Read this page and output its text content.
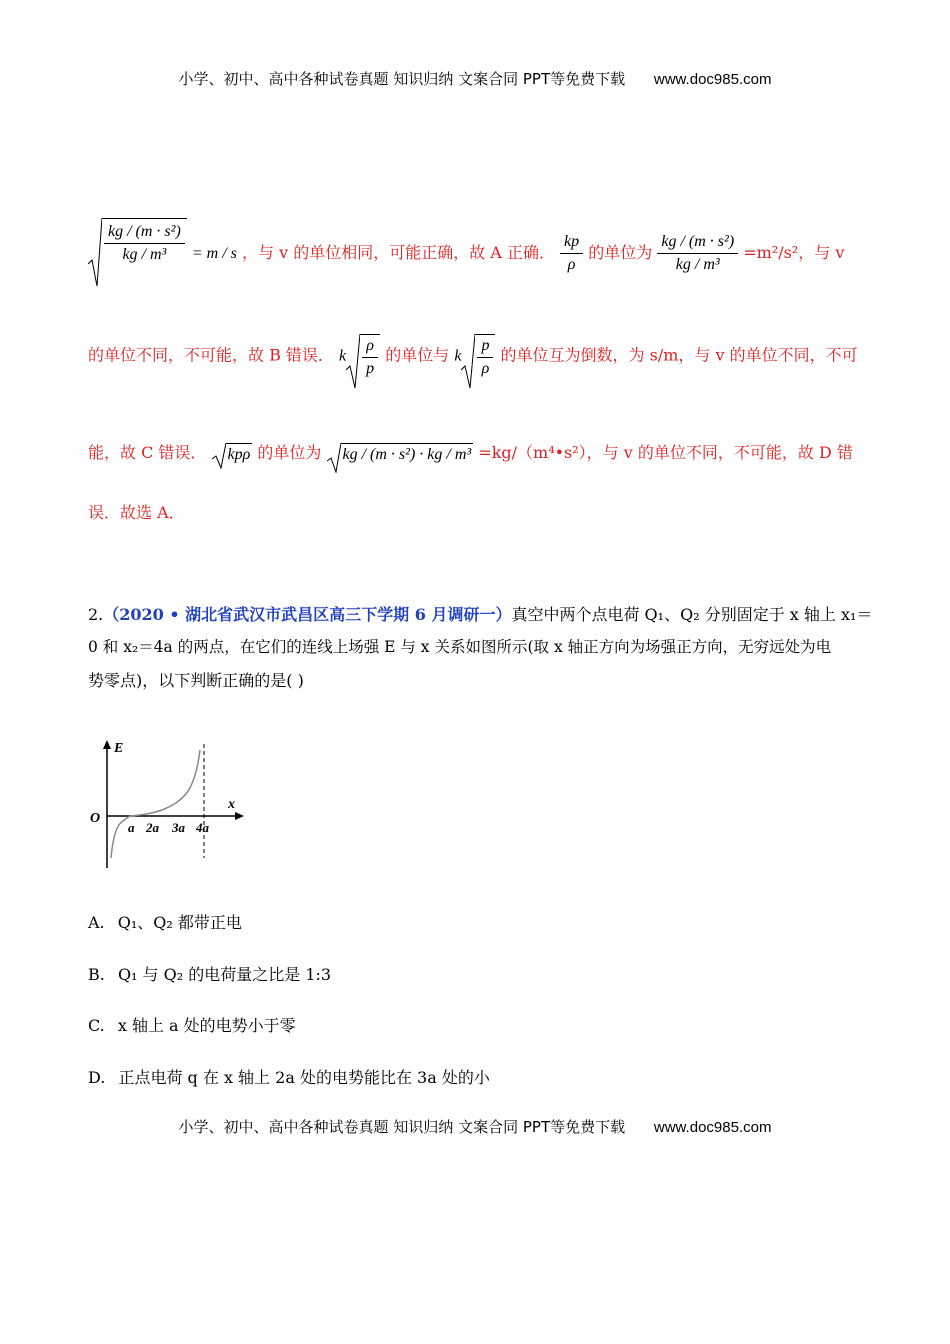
小学、初中、高中各种试卷真题 知识归纳 文案合同 PPT等免费下载 www.doc985.com
$\frac{\text{kg / (m · s²)}}{\text{kg / m³}} = m / s$ ，与 v 的单位相同，可能正确，故 A 正确． $\frac{kp}{\rho}$ 的单位为 $\frac{\text{kg / (m · s²)}}{\text{kg / m³}} =m^2/s^2$，与 v
的单位不同，不可能，故 B 错误． k $\frac{\rho}{p}$ 的单位与 k $\frac{p}{\rho}$ 的单位互为倒数，为 s/m，与 v 的单位不同，不可
能，故 C 错误． kpρ 的单位为 kg / (m · s²) · kg / m³ =kg/（m⁴•s²），与 v 的单位不同，不可能，故 D 错
误．故选 A．
2.（2020 • 湖北省武汉市武昌区高三下学期 6 月调研一）真空中两个点电荷 Q₁、Q₂ 分别固定于 x 轴上 x₁＝
0 和 x₂＝4a 的两点，在它们的连线上场强 E 与 x 关系如图所示(取 x 轴正方向为场强正方向，无穷远处为电
势零点)，以下判断正确的是( )
E
x
O
a 2a 3a 4a
A. Q₁、Q₂ 都带正电
B. Q₁ 与 Q₂ 的电荷量之比是 1:3
C. x 轴上 a 处的电势小于零
D. 正点电荷 q 在 x 轴上 2a 处的电势能比在 3a 处的小
小学、初中、高中各种试卷真题 知识归纳 文案合同 PPT等免费下载 www.doc985.com
